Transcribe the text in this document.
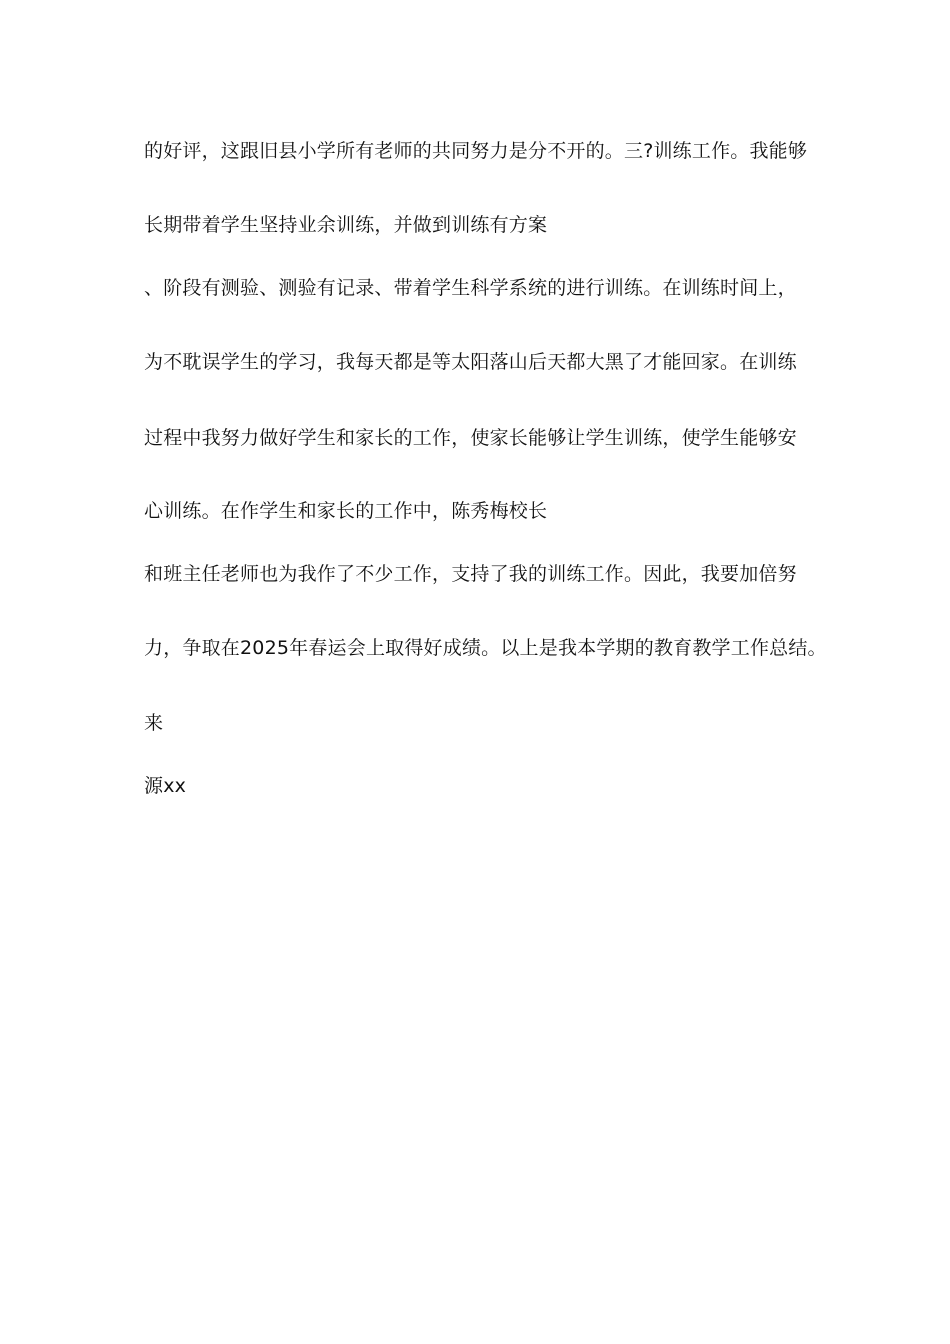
的好评，这跟旧县小学所有老师的共同努力是分不开的。三?训练工作。我能够
长期带着学生坚持业余训练，并做到训练有方案
、阶段有测验、测验有记录、带着学生科学系统的进行训练。在训练时间上，
为不耽误学生的学习，我每天都是等太阳落山后天都大黑了才能回家。在训练
过程中我努力做好学生和家长的工作，使家长能够让学生训练，使学生能够安
心训练。在作学生和家长的工作中，陈秀梅校长
和班主任老师也为我作了不少工作，支持了我的训练工作。因此，我要加倍努
力，争取在2025年春运会上取得好成绩。以上是我本学期的教育教学工作总结。
来
源xx
